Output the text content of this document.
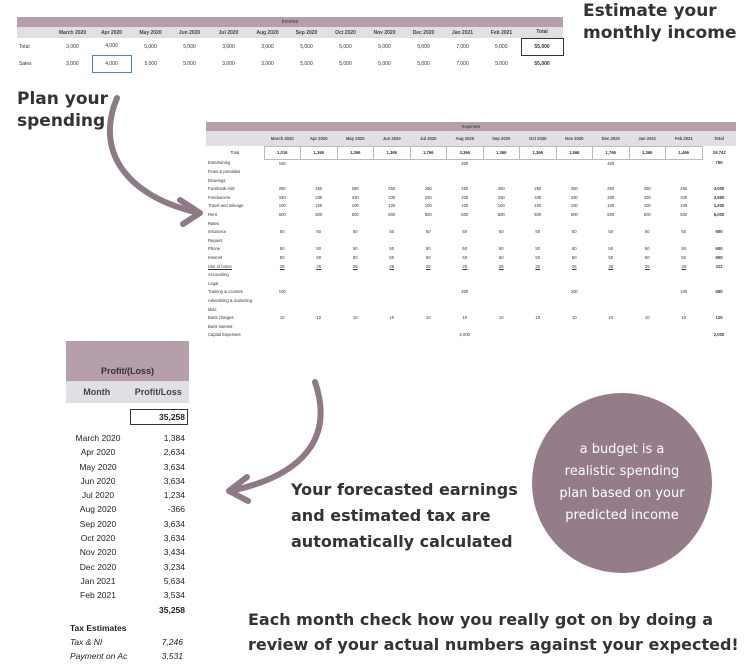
Estimate your monthly income
Plan your spending
Your forecasted earnings and estimated tax are automatically calculated
Each month check how you really got on by doing a review of your actual numbers against your expected!
a budget is a realistic spending plan based on your predicted income
Income													
	March 2020	Apr 2020	May 2020	Jun 2020	Jul 2020	Aug 2020	Sep 2020	Oct 2020	Nov 2020	Dec 2020	Jan 2021	Feb 2021	Total
Total	3,000	4,000	5,000	5,000	3,000	3,000	5,000	5,000	5,000	5,000	7,000	5,000	55,000
Sales	3,000	4,000	5,000	5,000	3,000	3,000	5,000	5,000	5,000	5,000	7,000	5,000	55,000
Expenses													
	March 2020	Apr 2020	May 2020	Jun 2020	Jul 2020	Aug 2020	Sep 2020	Oct 2020	Nov 2020	Dec 2020	Jan 2021	Feb 2021	Total
Total	1,016	1,366	1,366	1,366	1,766	3,366	1,366	1,366	1,566	1,766	1,366	1,466	19,742
Entertaining	150					200				400			750
Fines & penalties													
Drawings													
Facebook Ads	250	250	250	250	250	250	250	250	250	250	250	250	3,000
Freelancers	330	330	330	330	330	330	330	330	330	330	330	330	3,960
Travel and mileage	100	100	100	100	100	100	100	100	100	100	100	100	1,200
Rent	500	500	500	500	500	500	500	500	500	500	500	500	6,000
Rates													
Insurance	50	50	50	50	50	50	50	50	50	50	50	50	600
Repairs													
Phone	50	50	50	50	50	50	50	50	50	50	50	50	600
Internet	50	50	50	50	50	50	50	50	50	50	50	50	600
Use of home	26	26	26	26	26	26	26	26	26	26	26	26	312
Accounting													
Legal													
Training & courses	100					200			200			100	600
Advertising & marketing													
Misc													
Bank charges	10	10	10	10	10	10	10	10	10	10	10	10	120
Bank interest													
Capital Expenses						2,000							2,000
Profit/(Loss)
Month	Profit/Loss
35,258
March 2020	1,384
Apr 2020	2,634
May 2020	3,634
Jun 2020	3,634
Jul 2020	1,234
Aug 2020	-366
Sep 2020	3,634
Oct 2020	3,634
Nov 2020	3,434
Dec 2020	3,234
Jan 2021	5,634
Feb 2021	3,534
35,258
Tax Estimates
Tax & NI	7,246
Payment on Ac	3,531
